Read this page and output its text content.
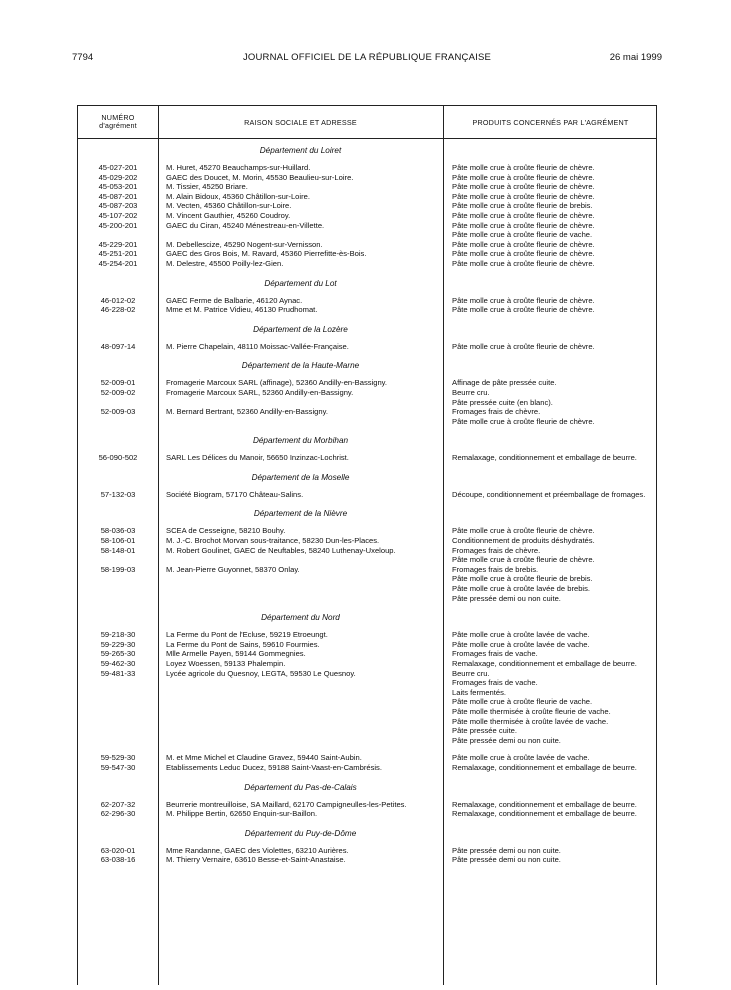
7794	JOURNAL OFFICIEL DE LA RÉPUBLIQUE FRANÇAISE	26 mai 1999
NUMÉRO
d'agrément	RAISON SOCIALE ET ADRESSE	PRODUITS CONCERNÉS PAR L'AGRÉMENT
Département du Loiret
45-027-201	M. Huret, 45270 Beauchamps-sur-Huillard.	Pâte molle crue à croûte fleurie de chèvre.
45-029-202	GAEC des Doucet, M. Morin, 45530 Beaulieu-sur-Loire.	Pâte molle crue à croûte fleurie de chèvre.
45-053-201	M. Tissier, 45250 Briare.	Pâte molle crue à croûte fleurie de chèvre.
45-087-201	M. Alain Bidoux, 45360 Châtillon-sur-Loire.	Pâte molle crue à croûte fleurie de chèvre.
45-087-203	M. Vecten, 45360 Châtillon-sur-Loire.	Pâte molle crue à croûte fleurie de brebis.
45-107-202	M. Vincent Gauthier, 45260 Coudroy.	Pâte molle crue à croûte fleurie de chèvre.
45-200-201	GAEC du Ciran, 45240 Ménestreau-en-Villette.	Pâte molle crue à croûte fleurie de chèvre.
Pâte molle crue à croûte fleurie de vache.
45-229-201	M. Debellescize, 45290 Nogent-sur-Vernisson.	Pâte molle crue à croûte fleurie de chèvre.
45-251-201	GAEC des Gros Bois, M. Ravard, 45360 Pierrefitte-ès-Bois.	Pâte molle crue à croûte fleurie de chèvre.
45-254-201	M. Delestre, 45500 Poilly-lez-Gien.	Pâte molle crue à croûte fleurie de chèvre.
Département du Lot
46-012-02	GAEC Ferme de Balbarie, 46120 Aynac.	Pâte molle crue à croûte fleurie de chèvre.
46-228-02	Mme et M. Patrice Vidieu, 46130 Prudhomat.	Pâte molle crue à croûte fleurie de chèvre.
Département de la Lozère
48-097-14	M. Pierre Chapelain, 48110 Moissac-Vallée-Française.	Pâte molle crue à croûte fleurie de chèvre.
Département de la Haute-Marne
52-009-01	Fromagerie Marcoux SARL (affinage), 52360 Andilly-en-Bassigny.	Affinage de pâte pressée cuite.
52-009-02	Fromagerie Marcoux SARL, 52360 Andilly-en-Bassigny.	Beurre cru.
Pâte pressée cuite (en blanc).
52-009-03	M. Bernard Bertrant, 52360 Andilly-en-Bassigny.	Fromages frais de chèvre.
Pâte molle crue à croûte fleurie de chèvre.
Département du Morbihan
56-090-502	SARL Les Délices du Manoir, 56650 Inzinzac-Lochrist.	Remalaxage, conditionnement et emballage de beurre.
Département de la Moselle
57-132-03	Société Biogram, 57170 Château-Salins.	Découpe, conditionnement et préemballage de fromages.
Département de la Nièvre
58-036-03	SCEA de Cesseigne, 58210 Bouhy.	Pâte molle crue à croûte fleurie de chèvre.
58-106-01	M. J.-C. Brochot Morvan sous-traitance, 58230 Dun-les-Places.	Conditionnement de produits déshydratés.
58-148-01	M. Robert Goulinet, GAEC de Neuftables, 58240 Luthenay-Uxeloup.	Fromages frais de chèvre.
Pâte molle crue à croûte fleurie de chèvre.
58-199-03	M. Jean-Pierre Guyonnet, 58370 Onlay.	Fromages frais de brebis.
Pâte molle crue à croûte fleurie de brebis.
Pâte molle crue à croûte lavée de brebis.
Pâte pressée demi ou non cuite.
Département du Nord
59-218-30	La Ferme du Pont de l'Ecluse, 59219 Etroeungt.	Pâte molle crue à croûte lavée de vache.
59-229-30	La Ferme du Pont de Sains, 59610 Fourmies.	Pâte molle crue à croûte lavée de vache.
59-265-30	Mlle Armelle Payen, 59144 Gommegnies.	Fromages frais de vache.
59-462-30	Loyez Woessen, 59133 Phalempin.	Remalaxage, conditionnement et emballage de beurre.
59-481-33	Lycée agricole du Quesnoy, LEGTA, 59530 Le Quesnoy.	Beurre cru.
Fromages frais de vache.
Laits fermentés.
Pâte molle crue à croûte fleurie de vache.
Pâte molle thermisée à croûte fleurie de vache.
Pâte molle thermisée à croûte lavée de vache.
Pâte pressée cuite.
Pâte pressée demi ou non cuite.
59-529-30	M. et Mme Michel et Claudine Gravez, 59440 Saint-Aubin.	Pâte molle crue à croûte lavée de vache.
59-547-30	Etablissements Leduc Ducez, 59188 Saint-Vaast-en-Cambrésis.	Remalaxage, conditionnement et emballage de beurre.
Département du Pas-de-Calais
62-207-32	Beurrerie montreuilloise, SA Maillard, 62170 Campigneulles-les-Petites.	Remalaxage, conditionnement et emballage de beurre.
62-296-30	M. Philippe Bertin, 62650 Enquin-sur-Baillon.	Remalaxage, conditionnement et emballage de beurre.
Département du Puy-de-Dôme
63-020-01	Mme Randanne, GAEC des Violettes, 63210 Aurières.	Pâte pressée demi ou non cuite.
63-038-16	M. Thierry Vernaire, 63610 Besse-et-Saint-Anastaise.	Pâte pressée demi ou non cuite.
